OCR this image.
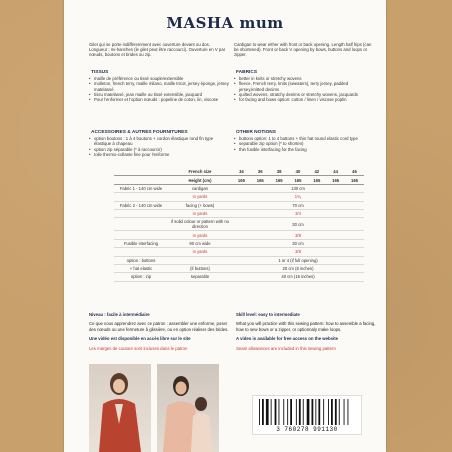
MASHA mum
Gilet qui se porte indifféremment avec ouverture devant ou dos. Longueur : mi-hanches (le gilet peut être raccourci). Ouverture en V par nœuds, boutons et brides ou zip.
Cardigan to wear either with front or back opening. Length half hips (can be shortened). Front or back V opening by bows, buttons and loops or zipper.
TISSUS
• maille de préférence ou tissé souple/extensible
• molleton, french terry, maille milano, maille tricot, jersey éponge, jersey matelassé
• tissu matelassé, jean maille ou tissé extensible, jacquard
• Pour l'enformer et l'option nœuds : popeline de coton, lin, viscose
FABRICS
• better in knits or stretchy wovens
• fleece, French terry, knits (sweaters), terry jersey, padded jersey,knitted denims
• quilted wovens, stratchy denims or stretchy wovens, jacquards
• for facing and bows option: cotton / linen / viscose poplin
ACCESSOIRES & AUTRES FOURNITURES
• option boutons : 1 à 4 boutons + cordon élastique rond fin type élastique à chapeau
• option zip séparable (* à raccourcir)
• toile thermo-collante fine pour l'enforme
OTHER NOTIONS
• buttons option: 1 to 4 buttons + thin hat round elastic cord type
• separable zip option (* to shorten)
• thin fusible interfacing for the facing
French size	34	36	38	40	42	44	46
Height (cm)	165	165	165	165	165	165	165
Fabric 1 - 140 cm wide	cardigan	130 cm
in yards	1⁵⁄₈
Fabric 2 - 140 cm wide	facing (+ bows)	70 cm
in yards	3/4
if solid colour or pattern with no direction	30 cm
in yards	3/8
Fusible interfacing	90 cm wide	30 cm
in yards	3/8
option : buttons	1 or 4 (if full opening)
+ hat elastic	(if buttons)	20 cm (8 inches)
option : zip	separable	40 cm (16 inches)

Niveau : facile à intermédiaire

Ce que vous apprendrez avec ce patron : assembler une enforme, poser des nœuds ou une fermeture à glissière, ou en option réaliser des brides.

Une vidéo est disponible en accès libre sur le site

Les marges de couture sont incluses dans le patron

Skill level: easy to intermediate

What you will practice with this sewing pattern: how to assemble a facing, how to sew bows or a zipper, or optionnaly make loops.

A video is available for free access on the website

Seam allowances are included in this sewing pattern

3 760278 991130
